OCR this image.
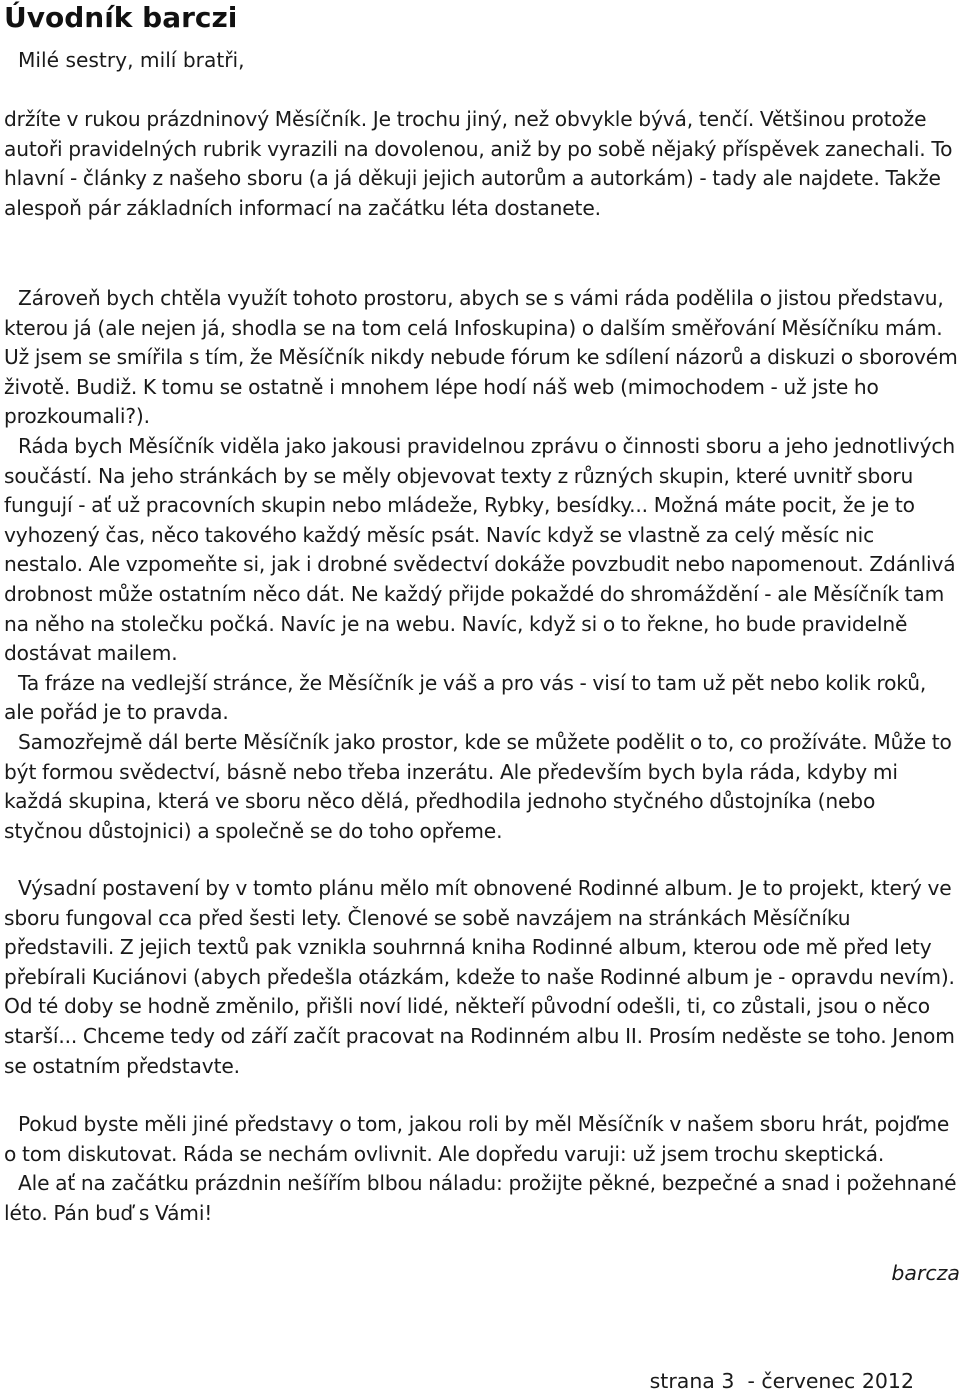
Úvodník barczi
Milé sestry, milí bratři,

držíte v rukou prázdninový Měsíčník. Je trochu jiný, než obvykle bývá, tenčí. Většinou protože autoři pravidelných rubrik vyrazili na dovolenou, aniž by po sobě nějaký příspěvek zanechali. To hlavní - články z našeho sboru (a já děkuji jejich autorům a autorkám) - tady ale najdete. Takže alespoň pár základních informací na začátku léta dostanete.

Zároveň bych chtěla využít tohoto prostoru, abych se s vámi ráda podělila o jistou představu, kterou já (ale nejen já, shodla se na tom celá Infoskupina) o dalším směřování Měsíčníku mám. Už jsem se smířila s tím, že Měsíčník nikdy nebude fórum ke sdílení názorů a diskuzi o sborovém životě. Budiž. K tomu se ostatně i mnohem lépe hodí náš web (mimochodem - už jste ho prozkoumali?).

Ráda bych Měsíčník viděla jako jakousi pravidelnou zprávu o činnosti sboru a jeho jednotlivých součástí. Na jeho stránkách by se měly objevovat texty z různých skupin, které uvnitř sboru fungují - ať už pracovních skupin nebo mládeže, Rybky, besídky... Možná máte pocit, že je to vyhozený čas, něco takového každý měsíc psát. Navíc když se vlastně za celý měsíc nic nestalo. Ale vzpomeňte si, jak i drobné svědectví dokáže povzbudit nebo napomenout. Zdánlivá drobnost může ostatním něco dát. Ne každý přijde pokaždé do shromáždění - ale Měsíčník tam na něho na stolečku počká. Navíc je na webu. Navíc, když si o to řekne, ho bude pravidelně dostávat mailem.

Ta fráze na vedlejší stránce, že Měsíčník je váš a pro vás - visí to tam už pět nebo kolik roků, ale pořád je to pravda.

Samozřejmě dál berte Měsíčník jako prostor, kde se můžete podělit o to, co prožíváte. Může to být formou svědectví, básně nebo třeba inzerátu. Ale především bych byla ráda, kdyby mi každá skupina, která ve sboru něco dělá, předhodila jednoho styčného důstojníka (nebo styčnou důstojnici) a společně se do toho opřeme.

Výsadní postavení by v tomto plánu mělo mít obnovené Rodinné album. Je to projekt, který ve sboru fungoval cca před šesti lety. Členové se sobě navzájem na stránkách Měsíčníku představili. Z jejich textů pak vznikla souhrnná kniha Rodinné album, kterou ode mě před lety přebírali Kuciánovi (abych předešla otázkám, kdeže to naše Rodinné album je - opravdu nevím). Od té doby se hodně změnilo, přišli noví lidé, někteří původní odešli, ti, co zůstali, jsou o něco starší... Chceme tedy od září začít pracovat na Rodinném albu II. Prosím neděste se toho. Jenom se ostatním představte.

Pokud byste měli jiné představy o tom, jakou roli by měl Měsíčník v našem sboru hrát, pojďme o tom diskutovat. Ráda se nechám ovlivnit. Ale dopředu varuji: už jsem trochu skeptická.

Ale ať na začátku prázdnin nešířím blbou náladu: prožijte pěkné, bezpečné a snad i požehnané léto. Pán buď s Vámi!

barcza
strana 3  - červenec 2012
